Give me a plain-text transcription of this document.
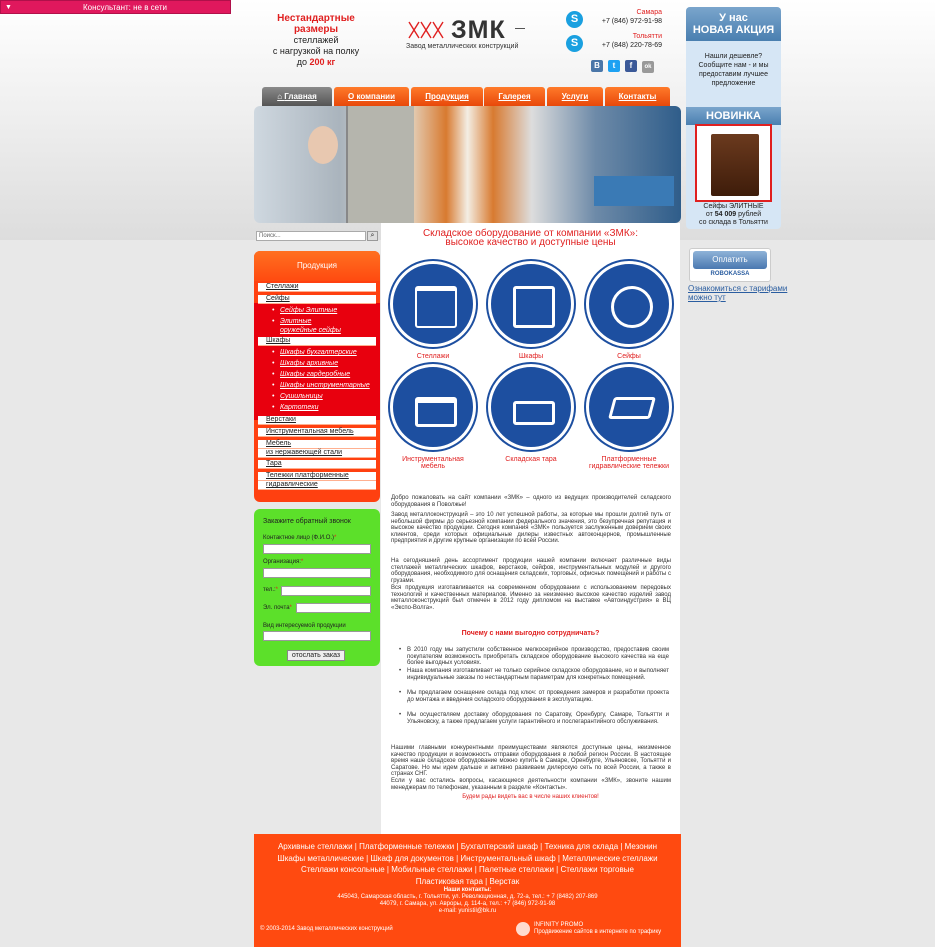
▼	Консультант: не в сети
Нестандартные размеры
стеллажей
с нагрузкой на полку
до 200 кг
ЗМК
Завод металлических конструкций
S
Самара
+7 (846) 972-91-98
S
Тольятти
+7 (848) 220-78-69
B t f ok
⌂ Главная	О компании	Продукция	Галерея	Услуги	Контакты
Поиск...	⌕
Продукция
Стеллажи
Сейфы
• Сейфы Элитные
• Элитные
оружейные сейфы
Шкафы
• Шкафы бухгалтерские
• Шкафы архивные
• Шкафы гардеробные
• Шкафы инструментарные
• Сушильницы
• Картотеки
Верстаки
Инструментальная мебель
Мебель
из нержавеющей стали
Тара
Тележки платформенные
гидравлические
Закажите обратный звонок
Контактное лицо (Ф.И.О.)*
Организация:*
тел.:*
Эл. почта*
Вид интересуемой продукции
отослать заказ
Складское оборудование от компании «ЗМК»:
высокое качество и доступные цены
Стеллажи	Шкафы	Сейфы
Инструментальная мебель
Складская тара	Платформенные гидравлические тележки
Добро пожаловать на сайт компании «ЗМК» – одного из ведущих производителей складского оборудования в Поволжье!
Завод металлоконструкций – это 10 лет успешной работы, за которые мы прошли долгий путь от небольшой фирмы до серьезной компании федерального значения, это безупречная репутация и высокое качество продукции. Сегодня компания «ЗМК» пользуется заслуженным доверием своих клиентов, среди которых официальные дилеры известных автоконцернов, промышленные предприятия и другие крупные организации по всей России.
На сегодняшний день ассортимент продукции нашей компании включает различные виды стеллажей металлических шкафов, верстаков, сейфов, инструментальных модулей и другого оборудования, необходимого для оснащения складских, торговых, офисных помещений и работы с грузами.
Вся продукция изготавливается на современном оборудовании с использованием передовых технологий и качественных материалов. Именно за неизменно высокое качество изделий завод металлоконструкций был отмечен в 2012 году дипломом на выставке «Автоиндустрия» в ВЦ «Экспо-Волга».
Почему с нами выгодно сотрудничать?
• В 2010 году мы запустили собственное мелкосерийное производство, предоставив своим покупателям возможность приобретать складское оборудование высокого качества на еще более выгодных условиях.
• Наша компания изготавливает не только серийное складское оборудование, но и выполняет индивидуальные заказы по нестандартным параметрам для конкретных помещений.
• Мы предлагаем оснащение склада под ключ: от проведения замеров и разработки проекта до монтажа и введения складского оборудования в эксплуатацию.
• Мы осуществляем доставку оборудования по Саратову, Оренбургу, Самаре, Тольятти и Ульяновску, а также предлагаем услуги гарантийного и послегарантийного обслуживания.
Нашими главными конкурентными преимуществами являются доступные цены, неизменное качество продукции и возможность отправки оборудования в любой регион России. В настоящее время наше складское оборудование можно купить в Самаре, Оренбурге, Ульяновске, Тольятти и Саратове. Но мы идем дальше и активно развиваем дилерскую сеть по всей России, а также в странах СНГ.
Если у вас остались вопросы, касающиеся деятельности компании «ЗМК», звоните нашим менеджерам по телефонам, указанным в разделе «Контакты».
Будем рады видеть вас в числе наших клиентов!
У нас
НОВАЯ АКЦИЯ
Нашли дешевле?
Сообщите нам - и мы
предоставим лучшее
предложение
НОВИНКА
Сейфы ЭЛИТНЫЕ
от 54 009 рублей
со склада в Тольятти
Оплатить
ROBOKASSA
Ознакомиться с тарифами можно тут
Архивные стеллажи | Платформенные тележки | Бухгалтерский шкаф | Техника для склада | Мезонин
Шкафы металлические | Шкаф для документов | Инструментальный шкаф | Металлические стеллажи
Стеллажи консольные | Мобильные стеллажи | Палетные стеллажи | Стеллажи торговые
Пластиковая тара | Верстак
Наши контакты:
445043, Самарская область, г. Тольятти, ул. Революционная, д. 72-а, тел.: + 7 (8482) 207-869
44079, г. Самара, ул. Авроры, д. 114-а, тел.: +7 (846) 972-91-98
e-mail: yunistil@bk.ru
© 2003-2014 Завод металлических конструкций
INFINITY PROMO
Продвижение сайтов в интернете по трафику
